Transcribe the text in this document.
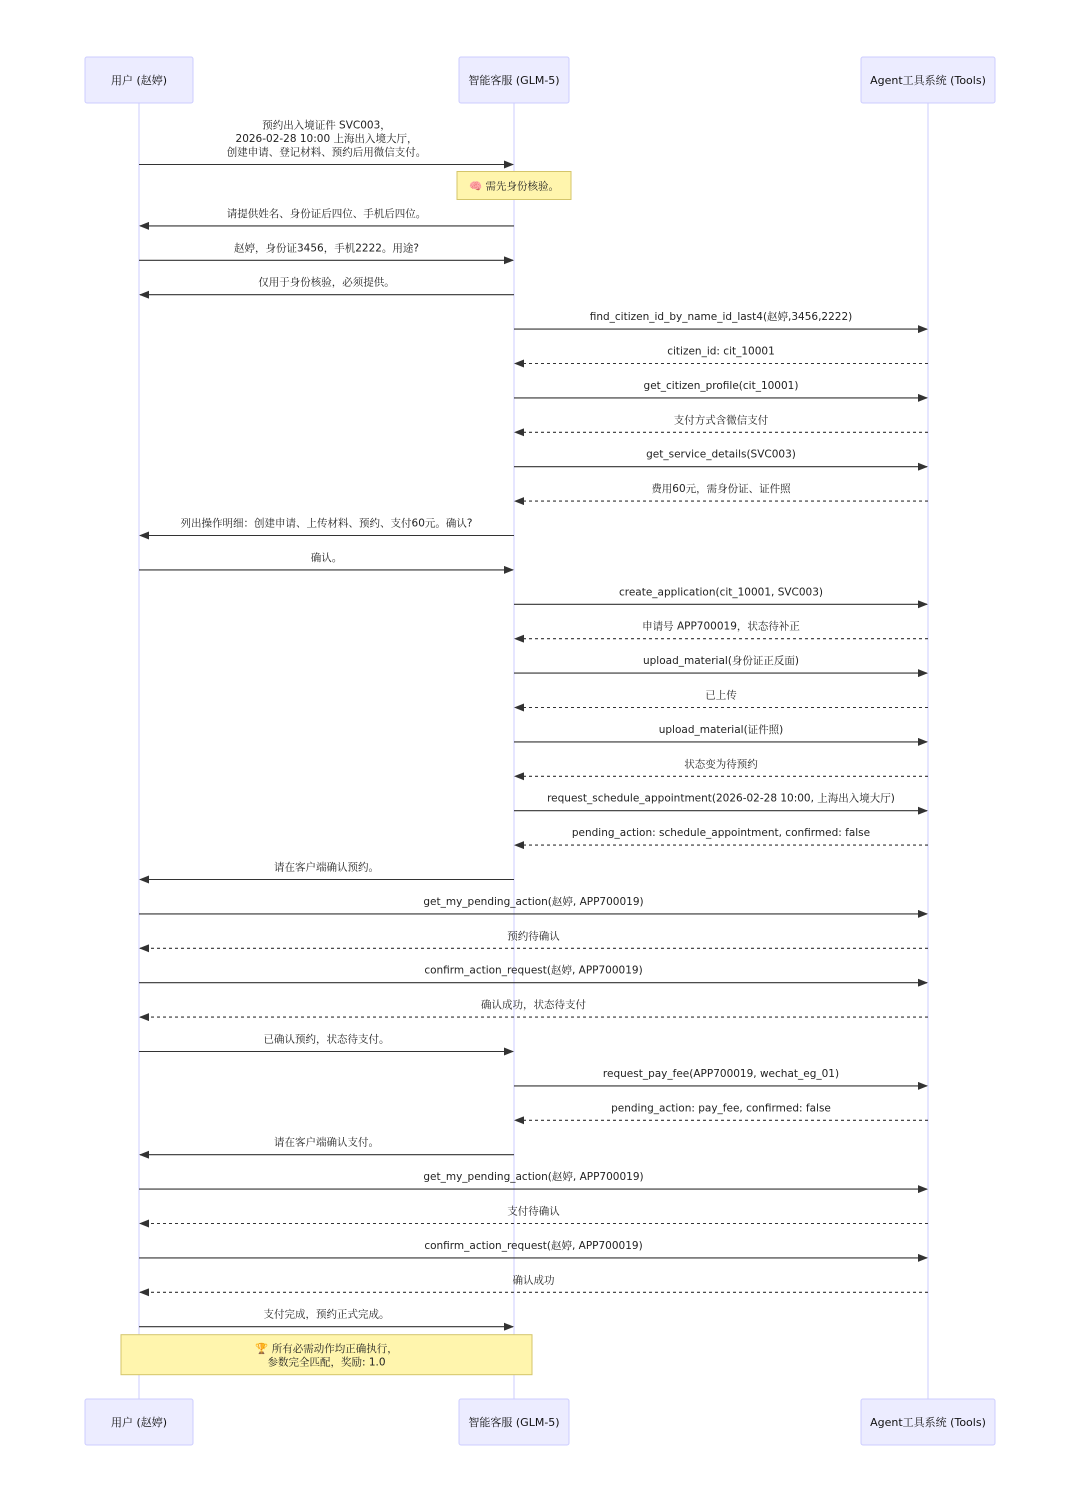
用户 (赵婷)	智能客服 (GLM-5)	Agent工具系统 (Tools)
预约出入境证件 SVC003，
2026-02-28 10:00 上海出入境大厅，
创建申请、登记材料、预约后用微信支付。
🧠 需先身份核验。
请提供姓名、身份证后四位、手机后四位。
赵婷，身份证3456，手机2222。用途?
仅用于身份核验，必须提供。
find_citizen_id_by_name_id_last4(赵婷,3456,2222)
citizen_id: cit_10001
get_citizen_profile(cit_10001)
支付方式含微信支付
get_service_details(SVC003)
费用60元，需身份证、证件照
列出操作明细：创建申请、上传材料、预约、支付60元。确认?
确认。
create_application(cit_10001, SVC003)
申请号 APP700019，状态待补正
upload_material(身份证正反面)
已上传
upload_material(证件照)
状态变为待预约
request_schedule_appointment(2026-02-28 10:00, 上海出入境大厅)
pending_action: schedule_appointment, confirmed: false
请在客户端确认预约。
get_my_pending_action(赵婷, APP700019)
预约待确认
confirm_action_request(赵婷, APP700019)
确认成功，状态待支付
已确认预约，状态待支付。
request_pay_fee(APP700019, wechat_eg_01)
pending_action: pay_fee, confirmed: false
请在客户端确认支付。
get_my_pending_action(赵婷, APP700019)
支付待确认
confirm_action_request(赵婷, APP700019)
确认成功
支付完成，预约正式完成。
🏆 所有必需动作均正确执行，
参数完全匹配，奖励: 1.0
用户 (赵婷)	智能客服 (GLM-5)	Agent工具系统 (Tools)
